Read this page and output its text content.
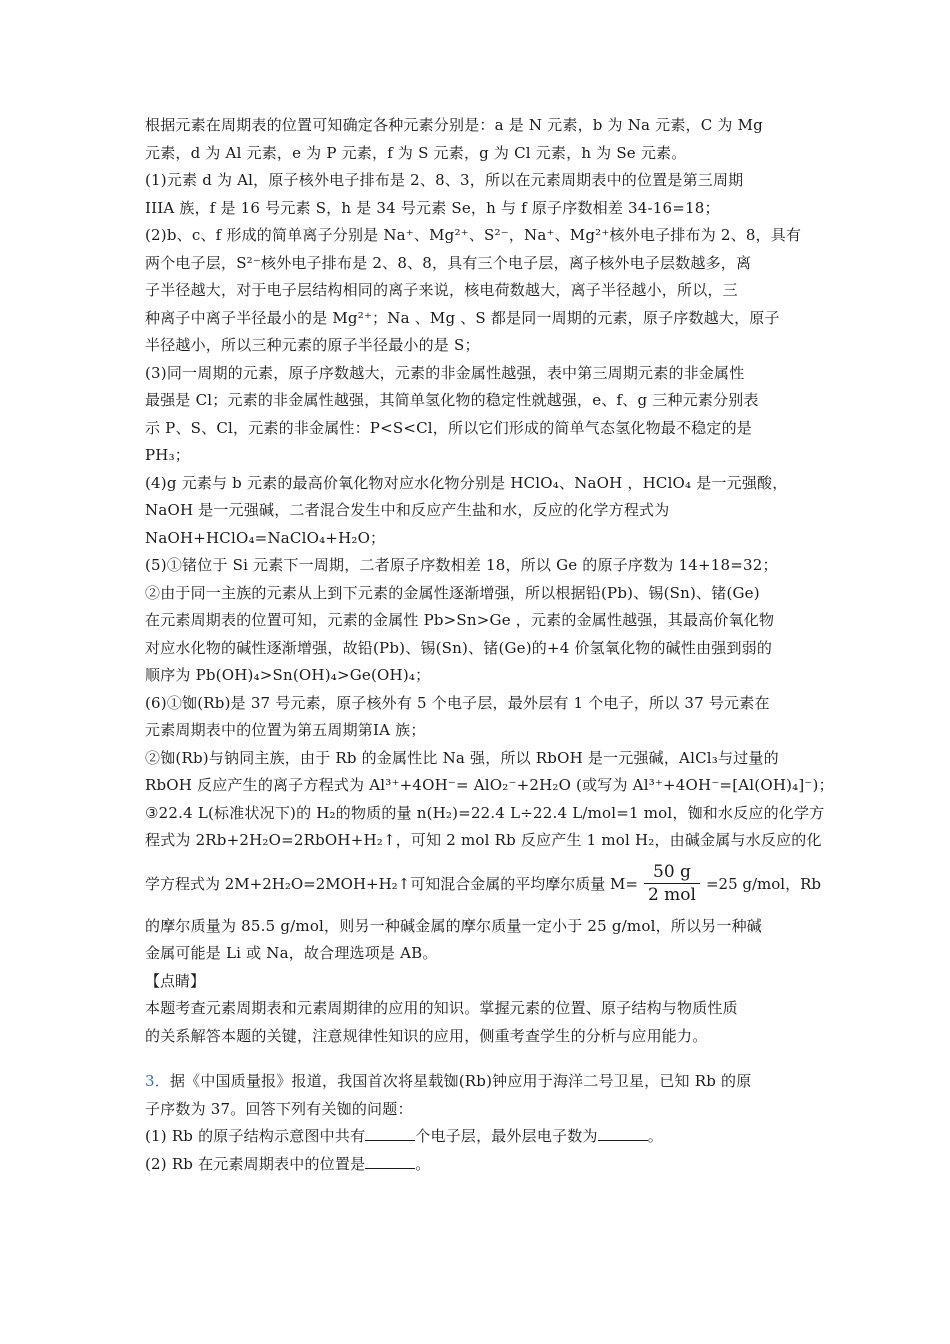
根据元素在周期表的位置可知确定各种元素分别是：a 是 N 元素，b 为 Na 元素，C 为 Mg
元素，d 为 Al 元素，e 为 P 元素，f 为 S 元素，g 为 Cl 元素，h 为 Se 元素。
(1)元素 d 为 Al，原子核外电子排布是 2、8、3，所以在元素周期表中的位置是第三周期
IIIA 族，f 是 16 号元素 S，h 是 34 号元素 Se，h 与 f 原子序数相差 34-16=18；
(2)b、c、f 形成的简单离子分别是 Na⁺、Mg²⁺、S²⁻，Na⁺、Mg²⁺核外电子排布为 2、8，具有
两个电子层，S²⁻核外电子排布是 2、8、8，具有三个电子层，离子核外电子层数越多，离
子半径越大，对于电子层结构相同的离子来说，核电荷数越大，离子半径越小，所以，三
种离子中离子半径最小的是 Mg²⁺；Na 、Mg 、S 都是同一周期的元素，原子序数越大，原子
半径越小，所以三种元素的原子半径最小的是 S；
(3)同一周期的元素，原子序数越大，元素的非金属性越强，表中第三周期元素的非金属性
最强是 Cl；元素的非金属性越强，其简单氢化物的稳定性就越强，e、f、g 三种元素分别表
示 P、S、Cl，元素的非金属性：P<S<Cl，所以它们形成的简单气态氢化物最不稳定的是
PH₃；
(4)g 元素与 b 元素的最高价氧化物对应水化物分别是 HClO₄、NaOH ，HClO₄ 是一元强酸，
NaOH 是一元强碱，二者混合发生中和反应产生盐和水，反应的化学方程式为
NaOH+HClO₄=NaClO₄+H₂O；
(5)①锗位于 Si 元素下一周期，二者原子序数相差 18，所以 Ge 的原子序数为 14+18=32；
②由于同一主族的元素从上到下元素的金属性逐渐增强，所以根据铅(Pb)、锡(Sn)、锗(Ge)
在元素周期表的位置可知，元素的金属性 Pb>Sn>Ge ，元素的金属性越强，其最高价氧化物
对应水化物的碱性逐渐增强，故铅(Pb)、锡(Sn)、锗(Ge)的+4 价氢氧化物的碱性由强到弱的
顺序为 Pb(OH)₄>Sn(OH)₄>Ge(OH)₄；
(6)①铷(Rb)是 37 号元素，原子核外有 5 个电子层，最外层有 1 个电子，所以 37 号元素在
元素周期表中的位置为第五周期第ⅠA 族；
②铷(Rb)与钠同主族，由于 Rb 的金属性比 Na 强，所以 RbOH 是一元强碱，AlCl₃与过量的
RbOH 反应产生的离子方程式为 Al³⁺+4OH⁻= AlO₂⁻+2H₂O (或写为 Al³⁺+4OH⁻=[Al(OH)₄]⁻)；
③22.4 L(标准状况下)的 H₂的物质的量 n(H₂)=22.4 L÷22.4 L/mol=1 mol，铷和水反应的化学方
程式为 2Rb+2H₂O=2RbOH+H₂↑，可知 2 mol Rb 反应产生 1 mol H₂，由碱金属与水反应的化
学方程式为 2M+2H₂O=2MOH+H₂↑可知混合金属的平均摩尔质量 $M= \frac{50 g}{\text{2 mol}} =25$ g/mol，Rb
的摩尔质量为 85.5 g/mol，则另一种碱金属的摩尔质量一定小于 25 g/mol，所以另一种碱
金属可能是 Li 或 Na，故合理选项是 AB。
【点睛】
本题考查元素周期表和元素周期律的应用的知识。掌握元素的位置、原子结构与物质性质
的关系解答本题的关键，注意规律性知识的应用，侧重考查学生的分析与应用能力。
3．据《中国质量报》报道，我国首次将星载铷(Rb)钟应用于海洋二号卫星，已知 Rb 的原
子序数为 37。回答下列有关铷的问题：
(1) Rb 的原子结构示意图中共有	个电子层，最外层电子数为	。
(2) Rb 在元素周期表中的位置是	。
